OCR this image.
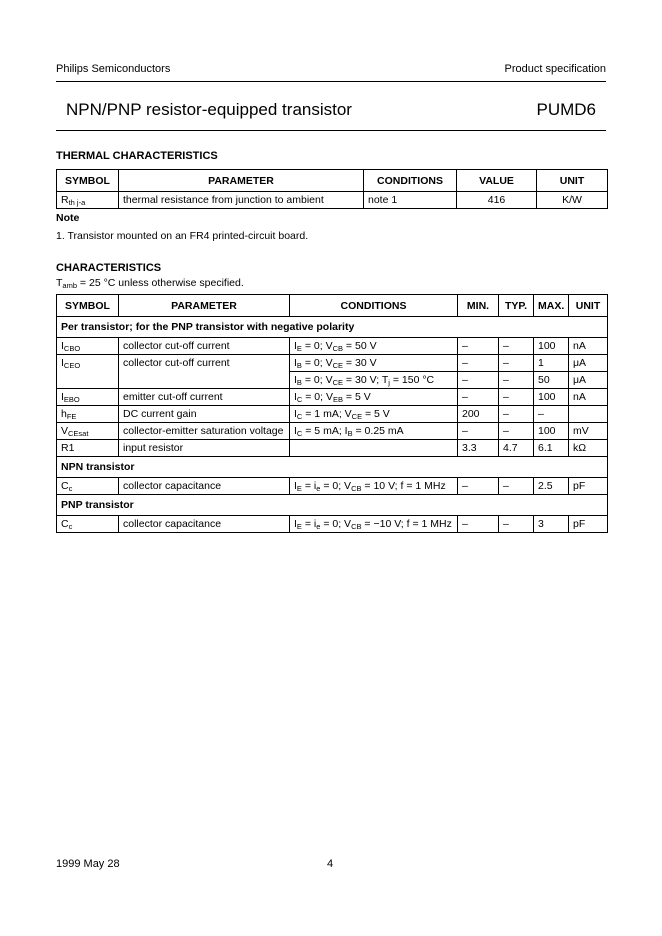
Philips Semiconductors	Product specification
NPN/PNP resistor-equipped transistor	PUMD6
THERMAL CHARACTERISTICS
SYMBOL	PARAMETER	CONDITIONS	VALUE	UNIT
$R_{th j-a}$	thermal resistance from junction to ambient	note 1	416	K/W
Note
1. Transistor mounted on an FR4 printed-circuit board.
CHARACTERISTICS
$T_{amb} = 25$ °C unless otherwise specified.
SYMBOL	PARAMETER	CONDITIONS	MIN.	TYP.	MAX.	UNIT
Per transistor; for the PNP transistor with negative polarity						
$I_{CBO}$	collector cut-off current	$I_E = 0$; $V_{CB} = 50$ V	–	–	100	nA
$I_{CEO}$	collector cut-off current	$I_B = 0$; $V_{CE} = 30$ V	–	–	1	μA
		$I_B = 0$; $V_{CE} = 30$ V; $T_j = 150$ °C	–	–	50	μA
$I_{EBO}$	emitter cut-off current	$I_C = 0$; $V_{EB} = 5$ V	–	–	100	nA
$h_{FE}$	DC current gain	$I_C = 1$ mA; $V_{CE} = 5$ V	200	–	–	
$V_{CEsat}$	collector-emitter saturation voltage	$I_C = 5$ mA; $I_B = 0.25$ mA	–	–	100	mV
R1	input resistor		3.3	4.7	6.1	kΩ
NPN transistor						
$C_c$	collector capacitance	$I_E = i_e = 0$; $V_{CB} = 10$ V; f = 1 MHz	–	–	2.5	pF
PNP transistor						
$C_c$	collector capacitance	$I_E = i_e = 0$; $V_{CB} = -10$ V; f = 1 MHz	–	–	3	pF
1999 May 28	4
